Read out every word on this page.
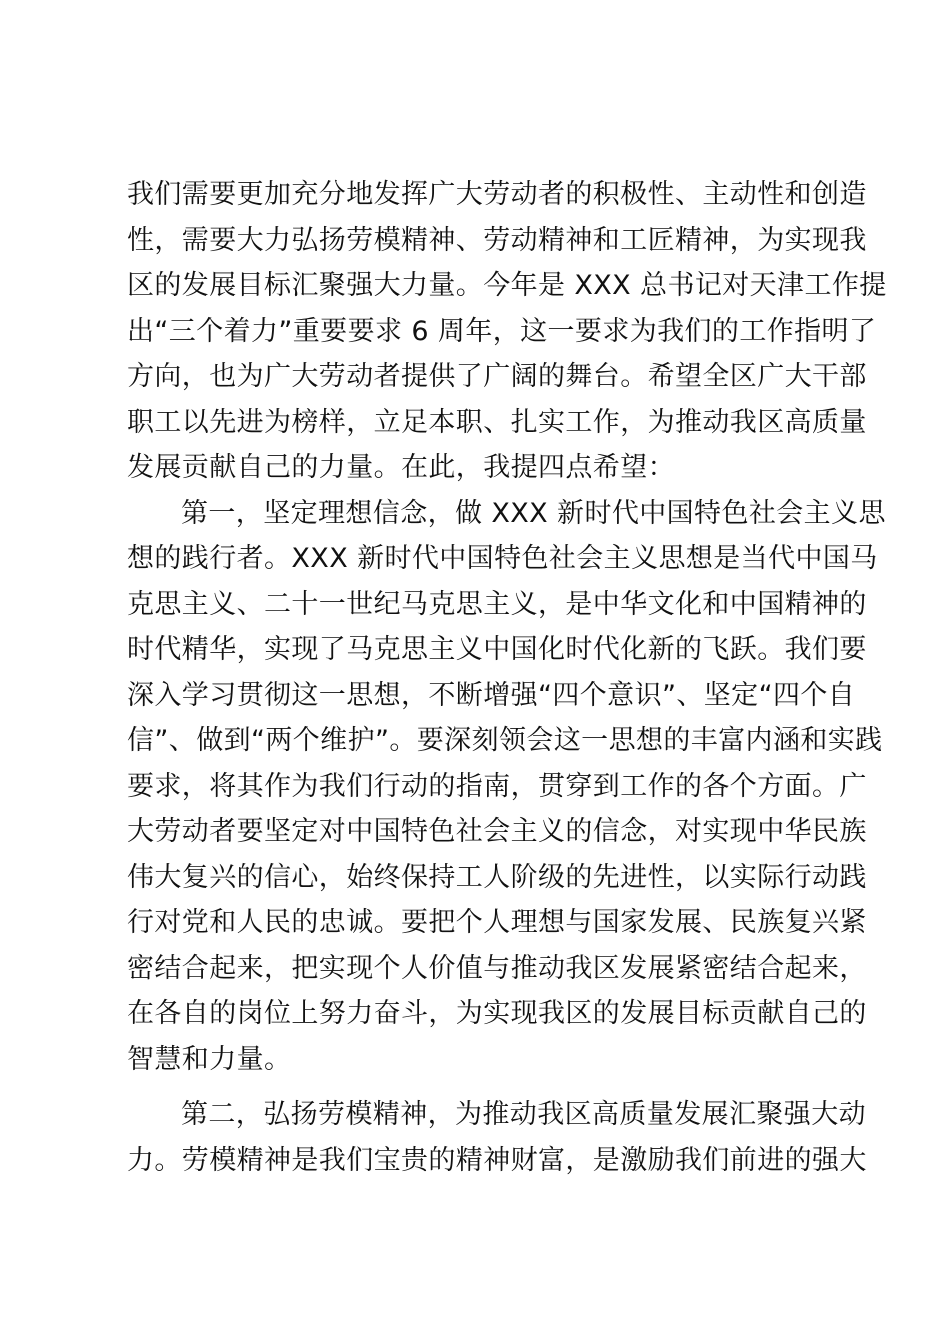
我们需要更加充分地发挥广大劳动者的积极性、主动性和创造
性，需要大力弘扬劳模精神、劳动精神和工匠精神，为实现我
区的发展目标汇聚强大力量。今年是 XXX 总书记对天津工作提
出“三个着力”重要要求 6 周年，这一要求为我们的工作指明了
方向，也为广大劳动者提供了广阔的舞台。希望全区广大干部
职工以先进为榜样，立足本职、扎实工作，为推动我区高质量
发展贡献自己的力量。在此，我提四点希望：

第一，坚定理想信念，做 XXX 新时代中国特色社会主义思
想的践行者。XXX 新时代中国特色社会主义思想是当代中国马
克思主义、二十一世纪马克思主义，是中华文化和中国精神的
时代精华，实现了马克思主义中国化时代化新的飞跃。我们要
深入学习贯彻这一思想，不断增强“四个意识”、坚定“四个自
信”、做到“两个维护”。要深刻领会这一思想的丰富内涵和实践
要求，将其作为我们行动的指南，贯穿到工作的各个方面。广
大劳动者要坚定对中国特色社会主义的信念，对实现中华民族
伟大复兴的信心，始终保持工人阶级的先进性，以实际行动践
行对党和人民的忠诚。要把个人理想与国家发展、民族复兴紧
密结合起来，把实现个人价值与推动我区发展紧密结合起来，
在各自的岗位上努力奋斗，为实现我区的发展目标贡献自己的
智慧和力量。

第二，弘扬劳模精神，为推动我区高质量发展汇聚强大动
力。劳模精神是我们宝贵的精神财富，是激励我们前进的强大
